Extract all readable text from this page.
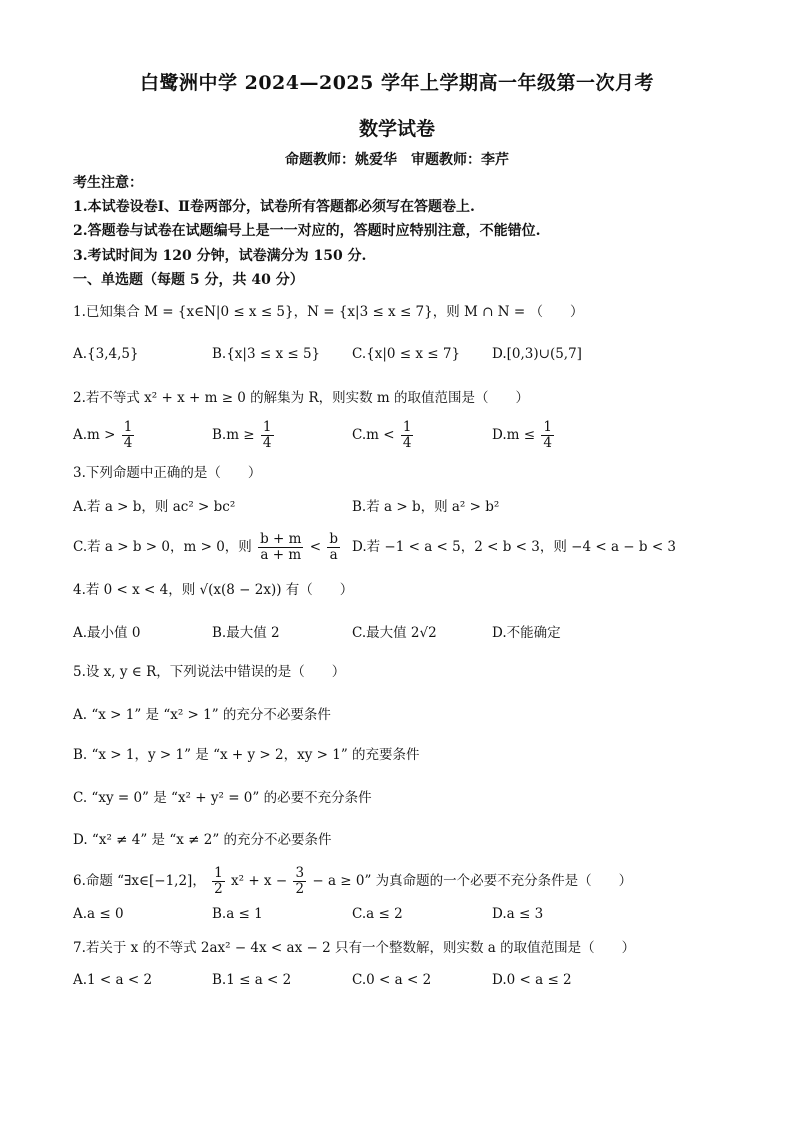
白鹭洲中学 2024—2025 学年上学期高一年级第一次月考
数学试卷
命题教师：姚爱华　审题教师：李芹
考生注意：
1.本试卷设卷Ⅰ、Ⅱ卷两部分，试卷所有答题都必须写在答题卷上.
2.答题卷与试卷在试题编号上是一一对应的，答题时应特别注意，不能错位.
3.考试时间为 120 分钟，试卷满分为 150 分.
一、单选题（每题 5 分，共 40 分）
1.已知集合 M = {x∈N|0 ≤ x ≤ 5}，N = {x|3 ≤ x ≤ 7}，则 M ∩ N = （　　）
A.{3,4,5}	B.{x|3 ≤ x ≤ 5} C.{x|0 ≤ x ≤ 7} D.[0,3)∪(5,7]
2.若不等式 x² + x + m ≥ 0 的解集为 R，则实数 m 的取值范围是（　　）
$A.m > \frac{1}{4}$	$B.m \ge \frac{1}{4}$	$C.m < \frac{1}{4}$	$D.m \le \frac{1}{4}$
3.下列命题中正确的是（　　）
A.若 a > b，则 ac² > bc²	B.若 a > b，则 a² > b²
C.若 a > b > 0，m > 0，则 $\frac{b + m}{a + m} < \frac{b}{a} D$.若 −1 < a < 5，2 < b < 3，则 −4 < a − b < 3
4.若 0 < x < 4，则 √(x(8 − 2x)) 有（　　）
A.最小值 0	B.最大值 2	C.最大值 2√2	D.不能确定
5.设 x, y ∈ R，下列说法中错误的是（　　）
A. “x > 1” 是 “x² > 1” 的充分不必要条件
B. “x > 1，y > 1” 是 “x + y > 2，xy > 1” 的充要条件
C. “xy = 0” 是 “x² + y² = 0” 的必要不充分条件
D. “x² ≠ 4” 是 “x ≠ 2” 的充分不必要条件
6.命题 “∃x∈[−1,2]， $\frac{1}{2} x^2 + x - \frac{3}{2} - a \ge 0$” 为真命题的一个必要不充分条件是（　　）
A.a ≤ 0	B.a ≤ 1	C.a ≤ 2	D.a ≤ 3
7.若关于 x 的不等式 2ax² − 4x < ax − 2 只有一个整数解，则实数 a 的取值范围是（　　）
A.1 < a < 2	B.1 ≤ a < 2	C.0 < a < 2	D.0 < a ≤ 2
